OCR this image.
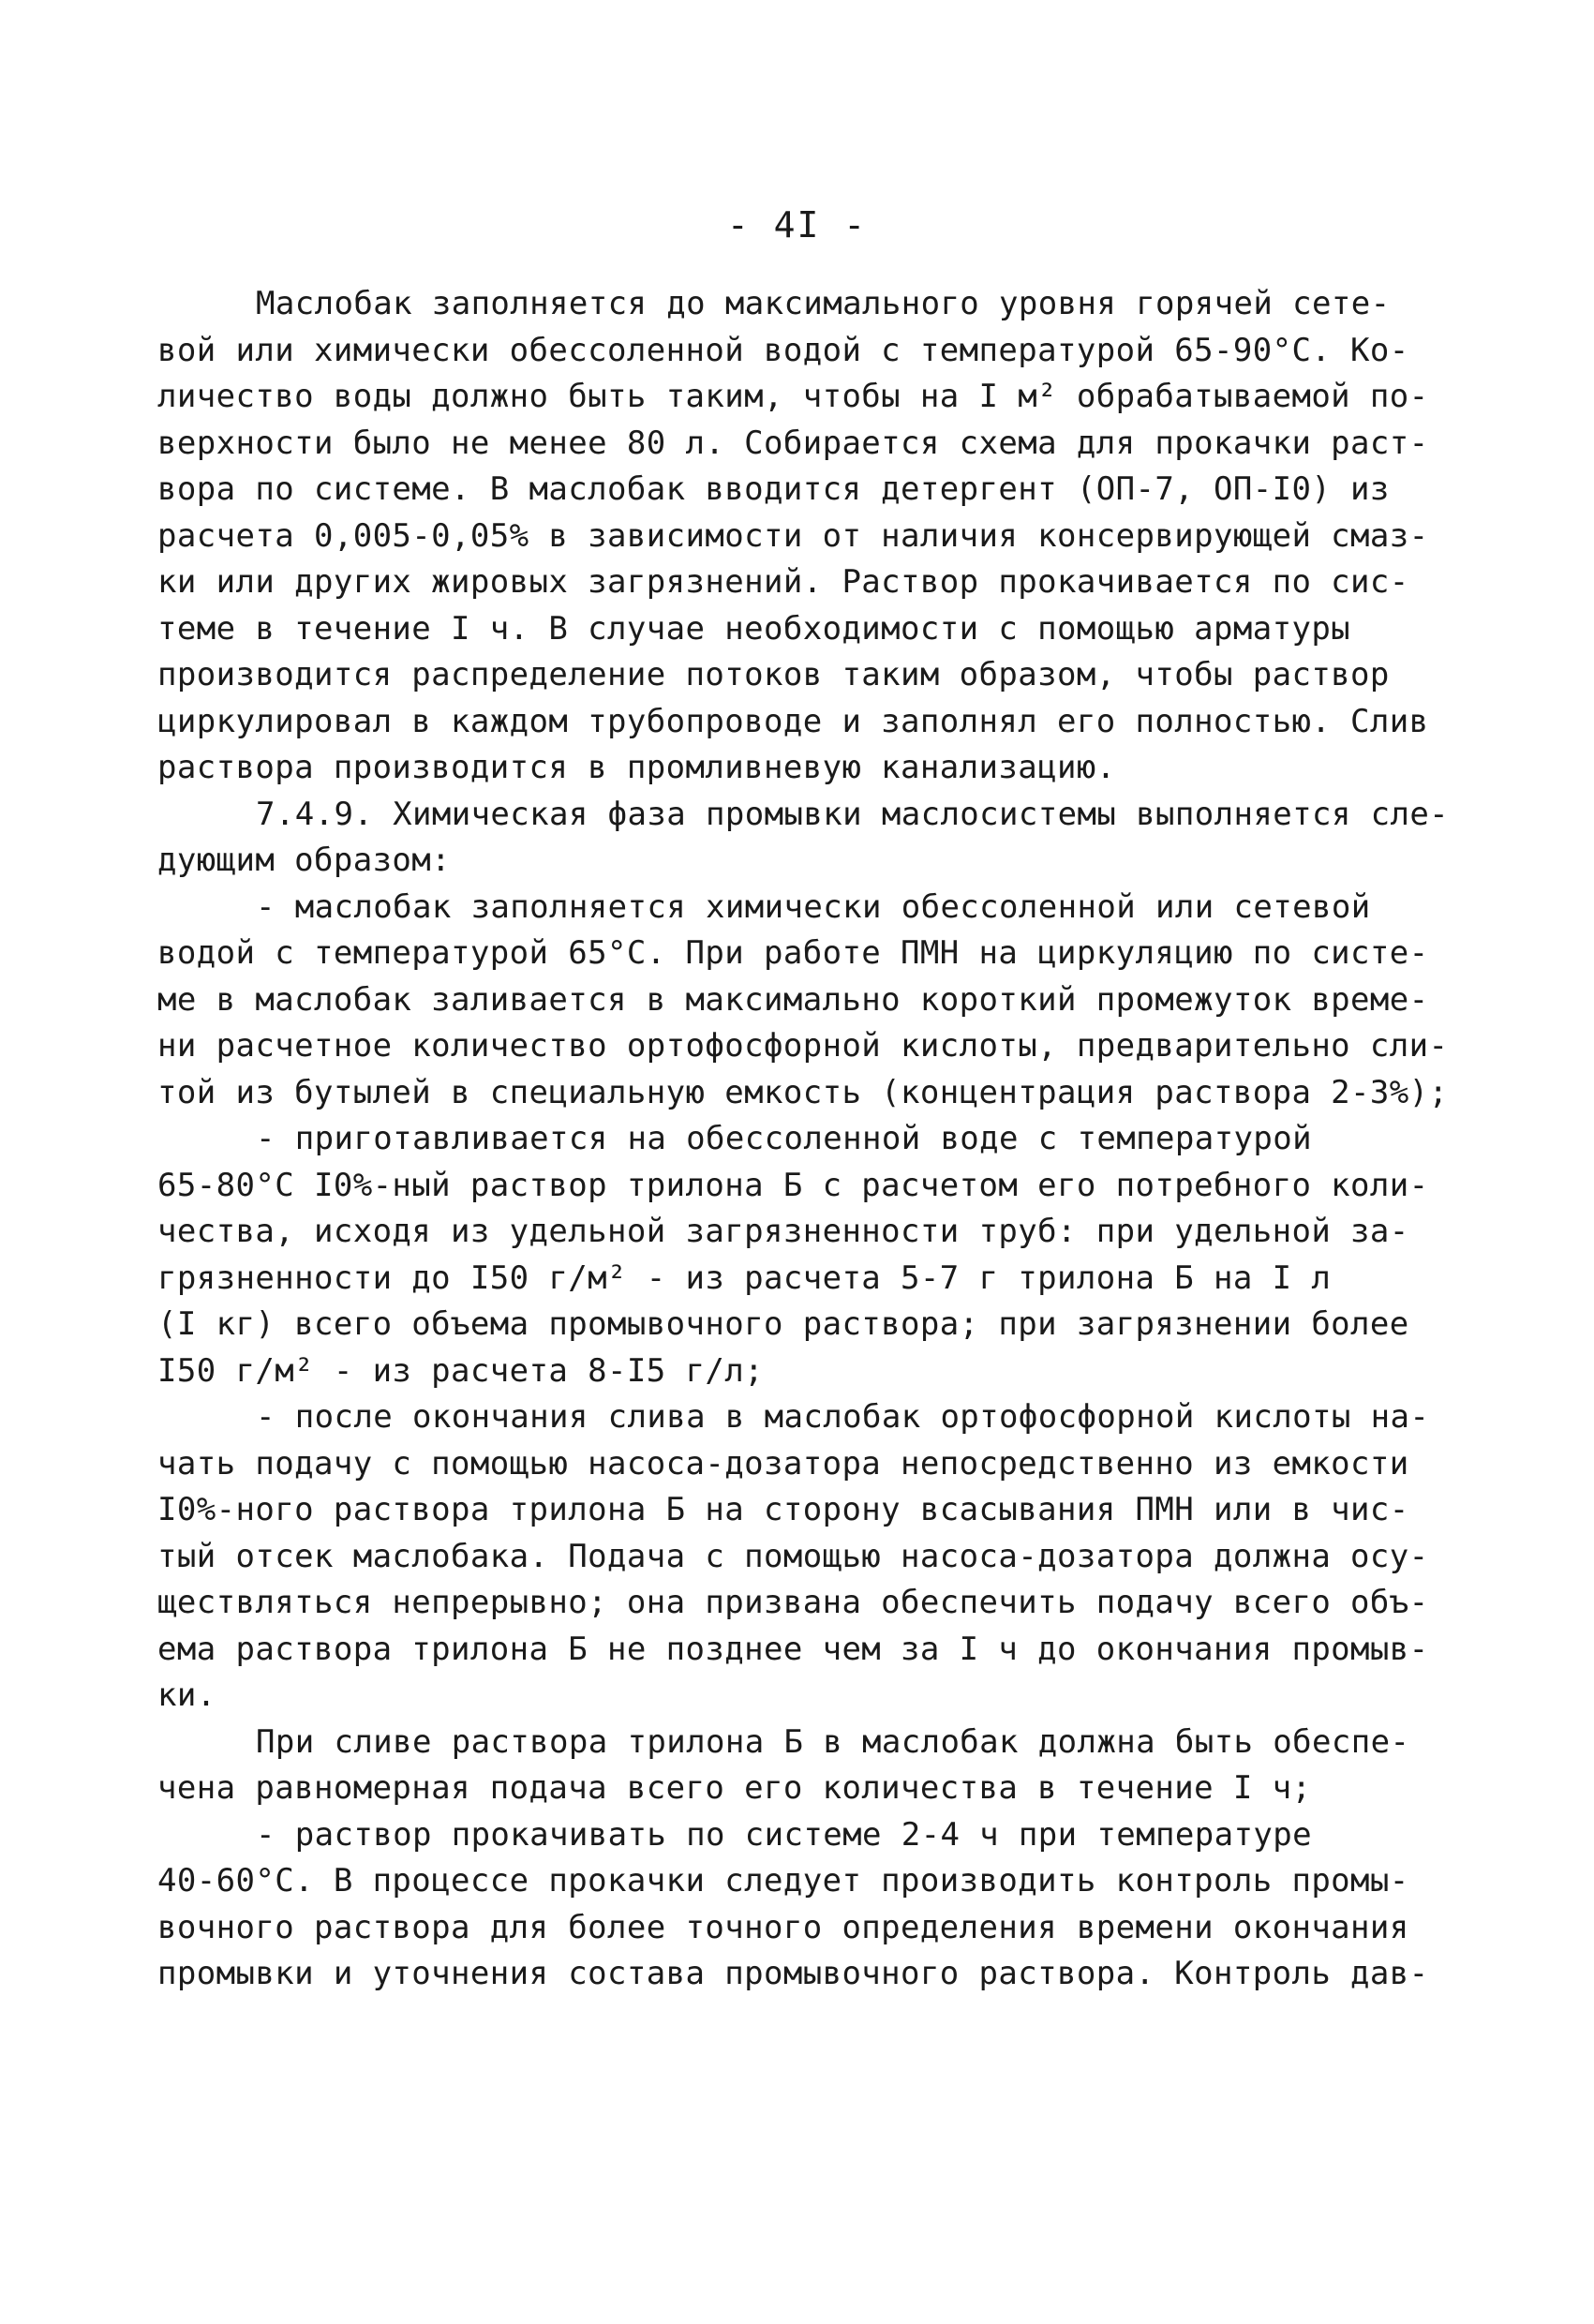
- 4I -
Маслобак заполняется до максимального уровня горячей сете-
вой или химически обессоленной водой с температурой 65-90°С. Ко-
личество воды должно быть таким, чтобы на I м² обрабатываемой по-
верхности было не менее 80 л. Собирается схема для прокачки раст-
вора по системе. В маслобак вводится детергент (ОП-7, ОП-I0) из
расчета 0,005-0,05% в зависимости от наличия консервирующей смаз-
ки или других жировых загрязнений. Раствор прокачивается по сис-
теме в течение I ч. В случае необходимости с помощью арматуры
производится распределение потоков таким образом, чтобы раствор
циркулировал в каждом трубопроводе и заполнял его полностью. Слив
раствора производится в промливневую канализацию.
7.4.9. Химическая фаза промывки маслосистемы выполняется сле-
дующим образом:
- маслобак заполняется химически обессоленной или сетевой
водой с температурой 65°С. При работе ПМН на циркуляцию по систе-
ме в маслобак заливается в максимально короткий промежуток време-
ни расчетное количество ортофосфорной кислоты, предварительно сли-
той из бутылей в специальную емкость (концентрация раствора 2-3%);
- приготавливается на обессоленной воде с температурой
65-80°С I0%-ный раствор трилона Б с расчетом его потребного коли-
чества, исходя из удельной загрязненности труб: при удельной за-
грязненности до I50 г/м² - из расчета 5-7 г трилона Б на I л
(I кг) всего объема промывочного раствора; при загрязнении более
I50 г/м² - из расчета 8-I5 г/л;
- после окончания слива в маслобак ортофосфорной кислоты на-
чать подачу с помощью насоса-дозатора непосредственно из емкости
I0%-ного раствора трилона Б на сторону всасывания ПМН или в чис-
тый отсек маслобака. Подача с помощью насоса-дозатора должна осу-
ществляться непрерывно; она призвана обеспечить подачу всего объ-
ема раствора трилона Б не позднее чем за I ч до окончания промыв-
ки.
При сливе раствора трилона Б в маслобак должна быть обеспе-
чена равномерная подача всего его количества в течение I ч;
- раствор прокачивать по системе 2-4 ч при температуре
40-60°С. В процессе прокачки следует производить контроль промы-
вочного раствора для более точного определения времени окончания
промывки и уточнения состава промывочного раствора. Контроль дав-
